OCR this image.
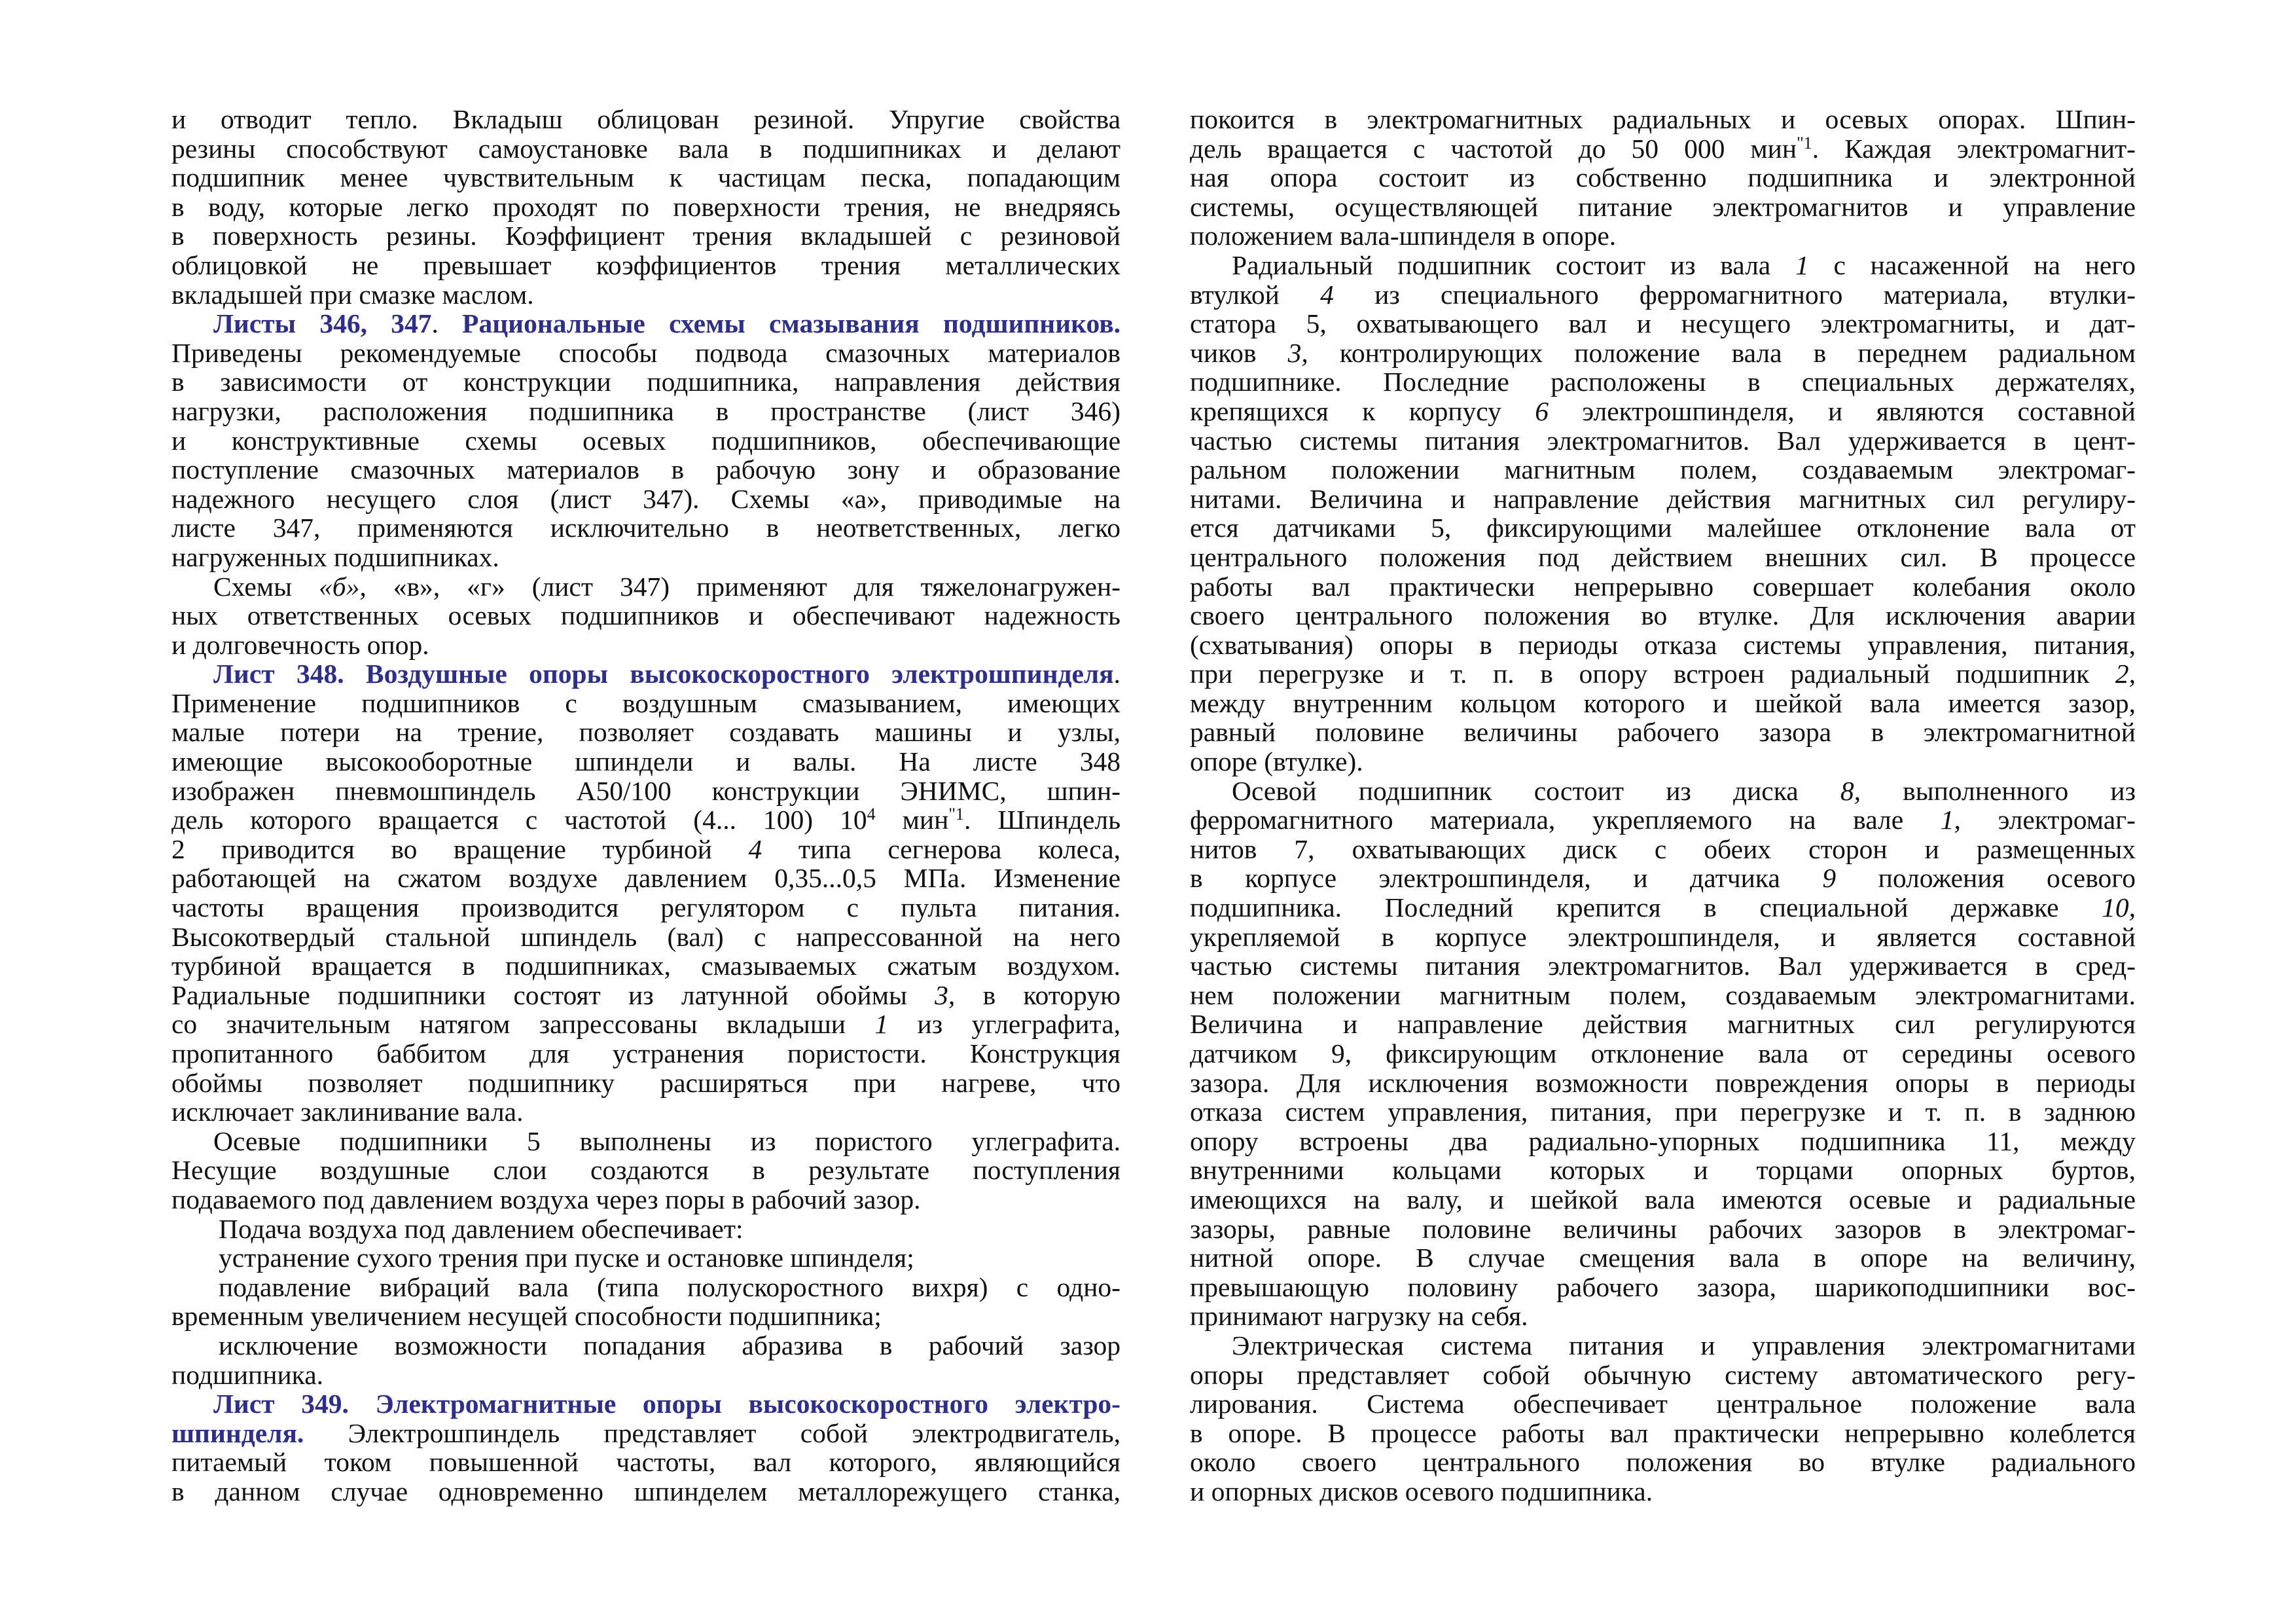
и отводит тепло. Вкладыш облицован резиной. Упругие свойства
резины способствуют самоустановке вала в подшипниках и делают
подшипник менее чувствительным к частицам песка, попадающим
в воду, которые легко проходят по поверхности трения, не внедряясь
в поверхность резины. Коэффициент трения вкладышей с резиновой
облицовкой не превышает коэффициентов трения металлических
вкладышей при смазке маслом.
Листы 346, 347. Рациональные схемы смазывания подшипников.
Приведены рекомендуемые способы подвода смазочных материалов
в зависимости от конструкции подшипника, направления действия
нагрузки, расположения подшипника в пространстве (лист 346)
и конструктивные схемы осевых подшипников, обеспечивающие
поступление смазочных материалов в рабочую зону и образование
надежного несущего слоя (лист 347). Схемы «а», приводимые на
листе 347, применяются исключительно в неответственных, легко
нагруженных подшипниках.
Схемы «б», «в», «г» (лист 347) применяют для тяжелонагружен-
ных ответственных осевых подшипников и обеспечивают надежность
и долговечность опор.
Лист 348. Воздушные опоры высокоскоростного электрошпинделя.
Применение подшипников с воздушным смазыванием, имеющих
малые потери на трение, позволяет создавать машины и узлы,
имеющие высокооборотные шпиндели и валы. На листе 348
изображен пневмошпиндель А50/100 конструкции ЭНИМС, шпин-
дель которого вращается с частотой (4... 100) $10^4$ мин$^{"1}$. Шпиндель
2 приводится во вращение турбиной 4 типа сегнерова колеса,
работающей на сжатом воздухе давлением 0,35...0,5 МПа. Изменение
частоты вращения производится регулятором с пульта питания.
Высокотвердый стальной шпиндель (вал) с напрессованной на него
турбиной вращается в подшипниках, смазываемых сжатым воздухом.
Радиальные подшипники состоят из латунной обоймы 3, в которую
со значительным натягом запрессованы вкладыши 1 из углеграфита,
пропитанного баббитом для устранения пористости. Конструкция
обоймы позволяет подшипнику расширяться при нагреве, что
исключает заклинивание вала.
Осевые подшипники 5 выполнены из пористого углеграфита.
Несущие воздушные слои создаются в результате поступления
подаваемого под давлением воздуха через поры в рабочий зазор.
Подача воздуха под давлением обеспечивает:
устранение сухого трения при пуске и остановке шпинделя;
подавление вибраций вала (типа полускоростного вихря) с одно-
временным увеличением несущей способности подшипника;
исключение возможности попадания абразива в рабочий зазор
подшипника.
Лист 349. Электромагнитные опоры высокоскоростного электро-
шпинделя. Электрошпиндель представляет собой электродвигатель,
питаемый током повышенной частоты, вал которого, являющийся
в данном случае одновременно шпинделем металлорежущего станка,
покоится в электромагнитных радиальных и осевых опорах. Шпин-
дель вращается с частотой до 50 000 мин$^{"1}$. Каждая электромагнит-
ная опора состоит из собственно подшипника и электронной
системы, осуществляющей питание электромагнитов и управление
положением вала-шпинделя в опоре.
Радиальный подшипник состоит из вала 1 с насаженной на него
втулкой 4 из специального ферромагнитного материала, втулки-
статора 5, охватывающего вал и несущего электромагниты, и дат-
чиков 3, контролирующих положение вала в переднем радиальном
подшипнике. Последние расположены в специальных держателях,
крепящихся к корпусу 6 электрошпинделя, и являются составной
частью системы питания электромагнитов. Вал удерживается в цент-
ральном положении магнитным полем, создаваемым электромаг-
нитами. Величина и направление действия магнитных сил регулиру-
ется датчиками 5, фиксирующими малейшее отклонение вала от
центрального положения под действием внешних сил. В процессе
работы вал практически непрерывно совершает колебания около
своего центрального положения во втулке. Для исключения аварии
(схватывания) опоры в периоды отказа системы управления, питания,
при перегрузке и т. п. в опору встроен радиальный подшипник 2,
между внутренним кольцом которого и шейкой вала имеется зазор,
равный половине величины рабочего зазора в электромагнитной
опоре (втулке).
Осевой подшипник состоит из диска 8, выполненного из
ферромагнитного материала, укрепляемого на вале 1, электромаг-
нитов 7, охватывающих диск с обеих сторон и размещенных
в корпусе электрошпинделя, и датчика 9 положения осевого
подшипника. Последний крепится в специальной державке 10,
укрепляемой в корпусе электрошпинделя, и является составной
частью системы питания электромагнитов. Вал удерживается в сред-
нем положении магнитным полем, создаваемым электромагнитами.
Величина и направление действия магнитных сил регулируются
датчиком 9, фиксирующим отклонение вала от середины осевого
зазора. Для исключения возможности повреждения опоры в периоды
отказа систем управления, питания, при перегрузке и т. п. в заднюю
опору встроены два радиально-упорных подшипника 11, между
внутренними кольцами которых и торцами опорных буртов,
имеющихся на валу, и шейкой вала имеются осевые и радиальные
зазоры, равные половине величины рабочих зазоров в электромаг-
нитной опоре. В случае смещения вала в опоре на величину,
превышающую половину рабочего зазора, шарикоподшипники вос-
принимают нагрузку на себя.
Электрическая система питания и управления электромагнитами
опоры представляет собой обычную систему автоматического регу-
лирования. Система обеспечивает центральное положение вала
в опоре. В процессе работы вал практически непрерывно колеблется
около своего центрального положения во втулке радиального
и опорных дисков осевого подшипника.
